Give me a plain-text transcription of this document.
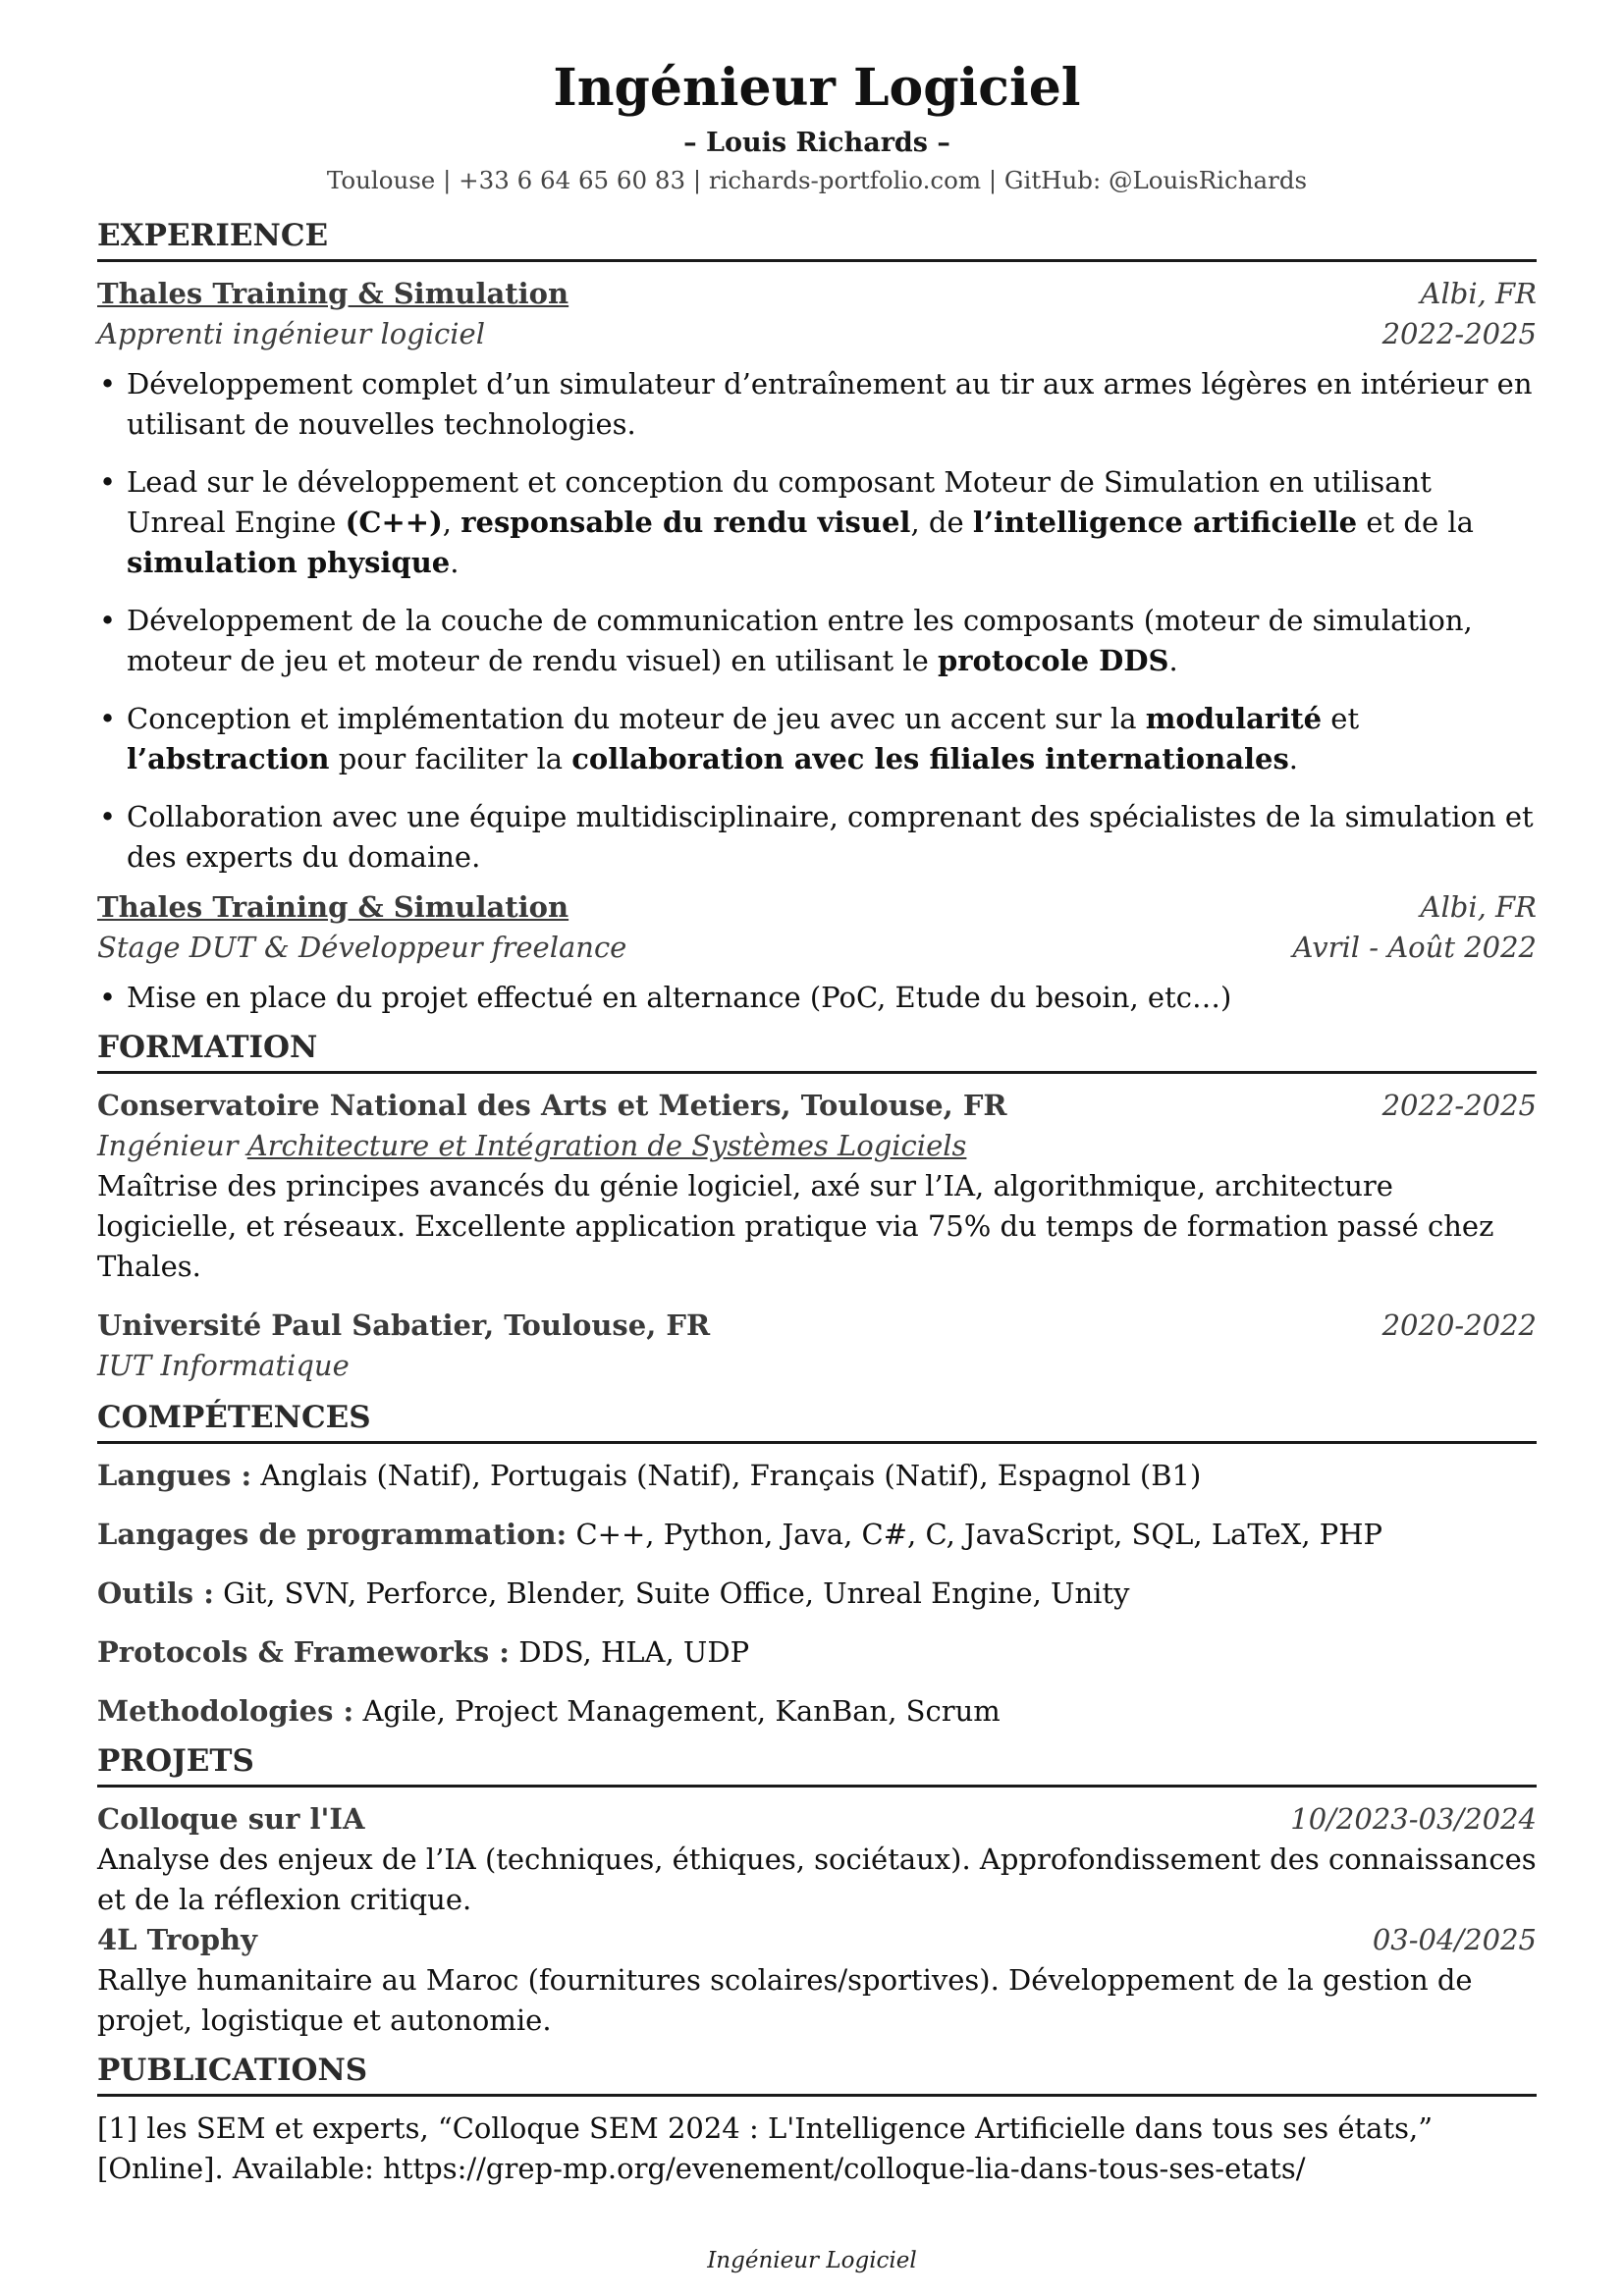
Ingénieur Logiciel
– Louis Richards –
Toulouse | +33 6 64 65 60 83 | richards-portfolio.com | GitHub: @LouisRichards
EXPERIENCE
Thales Training & Simulation	Albi, FR
Apprenti ingénieur logiciel	2022-2025
• Développement complet d’un simulateur d’entraînement au tir aux armes légères en intérieur en utilisant de nouvelles technologies.
• Lead sur le développement et conception du composant Moteur de Simulation en utilisant Unreal Engine (C++), responsable du rendu visuel, de l’intelligence artificielle et de la simulation physique.
• Développement de la couche de communication entre les composants (moteur de simulation, moteur de jeu et moteur de rendu visuel) en utilisant le protocole DDS.
• Conception et implémentation du moteur de jeu avec un accent sur la modularité et l’abstraction pour faciliter la collaboration avec les filiales internationales.
• Collaboration avec une équipe multidisciplinaire, comprenant des spécialistes de la simulation et des experts du domaine.
Thales Training & Simulation	Albi, FR
Stage DUT & Développeur freelance	Avril - Août 2022
• Mise en place du projet effectué en alternance (PoC, Etude du besoin, etc…)
FORMATION
Conservatoire National des Arts et Metiers, Toulouse, FR	2022-2025
Ingénieur Architecture et Intégration de Systèmes Logiciels
Maîtrise des principes avancés du génie logiciel, axé sur l’IA, algorithmique, architecture logicielle, et réseaux. Excellente application pratique via 75% du temps de formation passé chez Thales.
Université Paul Sabatier, Toulouse, FR	2020-2022
IUT Informatique
COMPÉTENCES
Langues : Anglais (Natif), Portugais (Natif), Français (Natif), Espagnol (B1)
Langages de programmation: C++, Python, Java, C#, C, JavaScript, SQL, LaTeX, PHP
Outils : Git, SVN, Perforce, Blender, Suite Office, Unreal Engine, Unity
Protocols & Frameworks : DDS, HLA, UDP
Methodologies : Agile, Project Management, KanBan, Scrum
PROJETS
Colloque sur l'IA	10/2023-03/2024
Analyse des enjeux de l’IA (techniques, éthiques, sociétaux). Approfondissement des connaissances et de la réflexion critique.
4L Trophy	03-04/2025
Rallye humanitaire au Maroc (fournitures scolaires/sportives). Développement de la gestion de projet, logistique et autonomie.
PUBLICATIONS
[1] les SEM et experts, “Colloque SEM 2024 : L'Intelligence Artificielle dans tous ses états,” [Online]. Available: https://grep-mp.org/evenement/colloque-lia-dans-tous-ses-etats/
Ingénieur Logiciel
